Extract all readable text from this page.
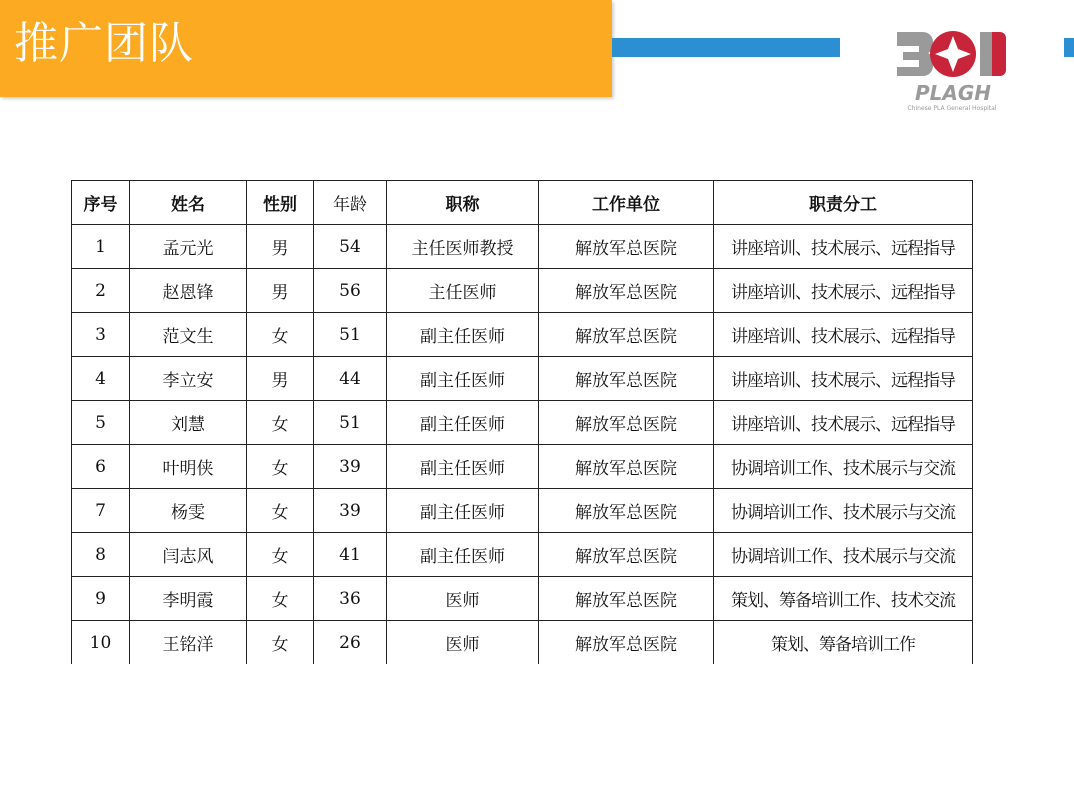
推广团队
PLAGH
Chinese PLA General Hospital
序号	姓名	性别	年龄	职称	工作单位	职责分工
1	孟元光	男	54	主任医师教授	解放军总医院	讲座培训、技术展示、远程指导
2	赵恩锋	男	56	主任医师	解放军总医院	讲座培训、技术展示、远程指导
3	范文生	女	51	副主任医师	解放军总医院	讲座培训、技术展示、远程指导
4	李立安	男	44	副主任医师	解放军总医院	讲座培训、技术展示、远程指导
5	刘慧	女	51	副主任医师	解放军总医院	讲座培训、技术展示、远程指导
6	叶明侠	女	39	副主任医师	解放军总医院	协调培训工作、技术展示与交流
7	杨雯	女	39	副主任医师	解放军总医院	协调培训工作、技术展示与交流
8	闫志风	女	41	副主任医师	解放军总医院	协调培训工作、技术展示与交流
9	李明霞	女	36	医师	解放军总医院	策划、筹备培训工作、技术交流
10	王铭洋	女	26	医师	解放军总医院	策划、筹备培训工作
